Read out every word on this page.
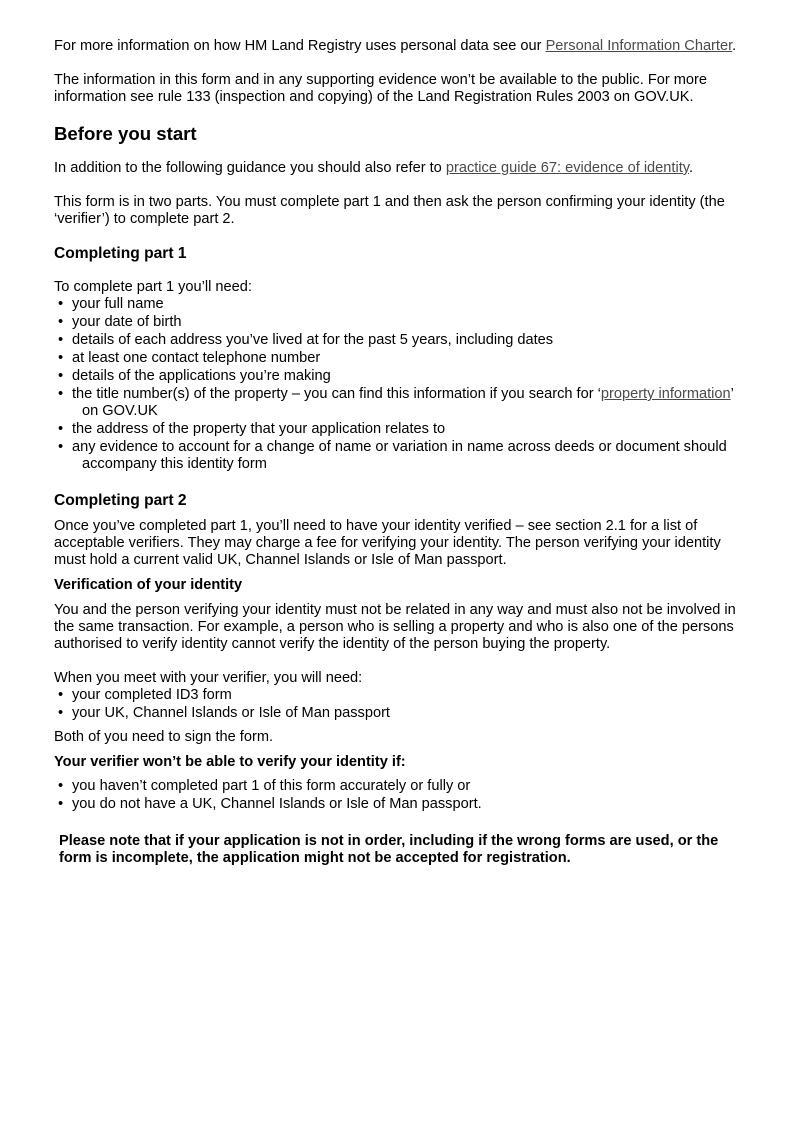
For more information on how HM Land Registry uses personal data see our Personal Information Charter.

The information in this form and in any supporting evidence won’t be available to the public. For more
information see rule 133 (inspection and copying) of the Land Registration Rules 2003 on GOV.UK.

Before you start

In addition to the following guidance you should also refer to practice guide 67: evidence of identity.

This form is in two parts. You must complete part 1 and then ask the person confirming your identity (the
‘verifier’) to complete part 2.

Completing part 1

To complete part 1 you’ll need:

• your full name
• your date of birth
• details of each address you’ve lived at for the past 5 years, including dates
• at least one contact telephone number
• details of the applications you’re making
• the title number(s) of the property – you can find this information if you search for ‘property information’
on GOV.UK
• the address of the property that your application relates to
• any evidence to account for a change of name or variation in name across deeds or document should
accompany this identity form
Completing part 2

Once you’ve completed part 1, you’ll need to have your identity verified – see section 2.1 for a list of
acceptable verifiers. They may charge a fee for verifying your identity. The person verifying your identity
must hold a current valid UK, Channel Islands or Isle of Man passport.

Verification of your identity

You and the person verifying your identity must not be related in any way and must also not be involved in
the same transaction. For example, a person who is selling a property and who is also one of the persons
authorised to verify identity cannot verify the identity of the person buying the property.

When you meet with your verifier, you will need:

• your completed ID3 form
• your UK, Channel Islands or Isle of Man passport

Both of you need to sign the form.

Your verifier won’t be able to verify your identity if:
• you haven’t completed part 1 of this form accurately or fully or
• you do not have a UK, Channel Islands or Isle of Man passport.

Please note that if your application is not in order, including if the wrong forms are used, or the
form is incomplete, the application might not be accepted for registration.
